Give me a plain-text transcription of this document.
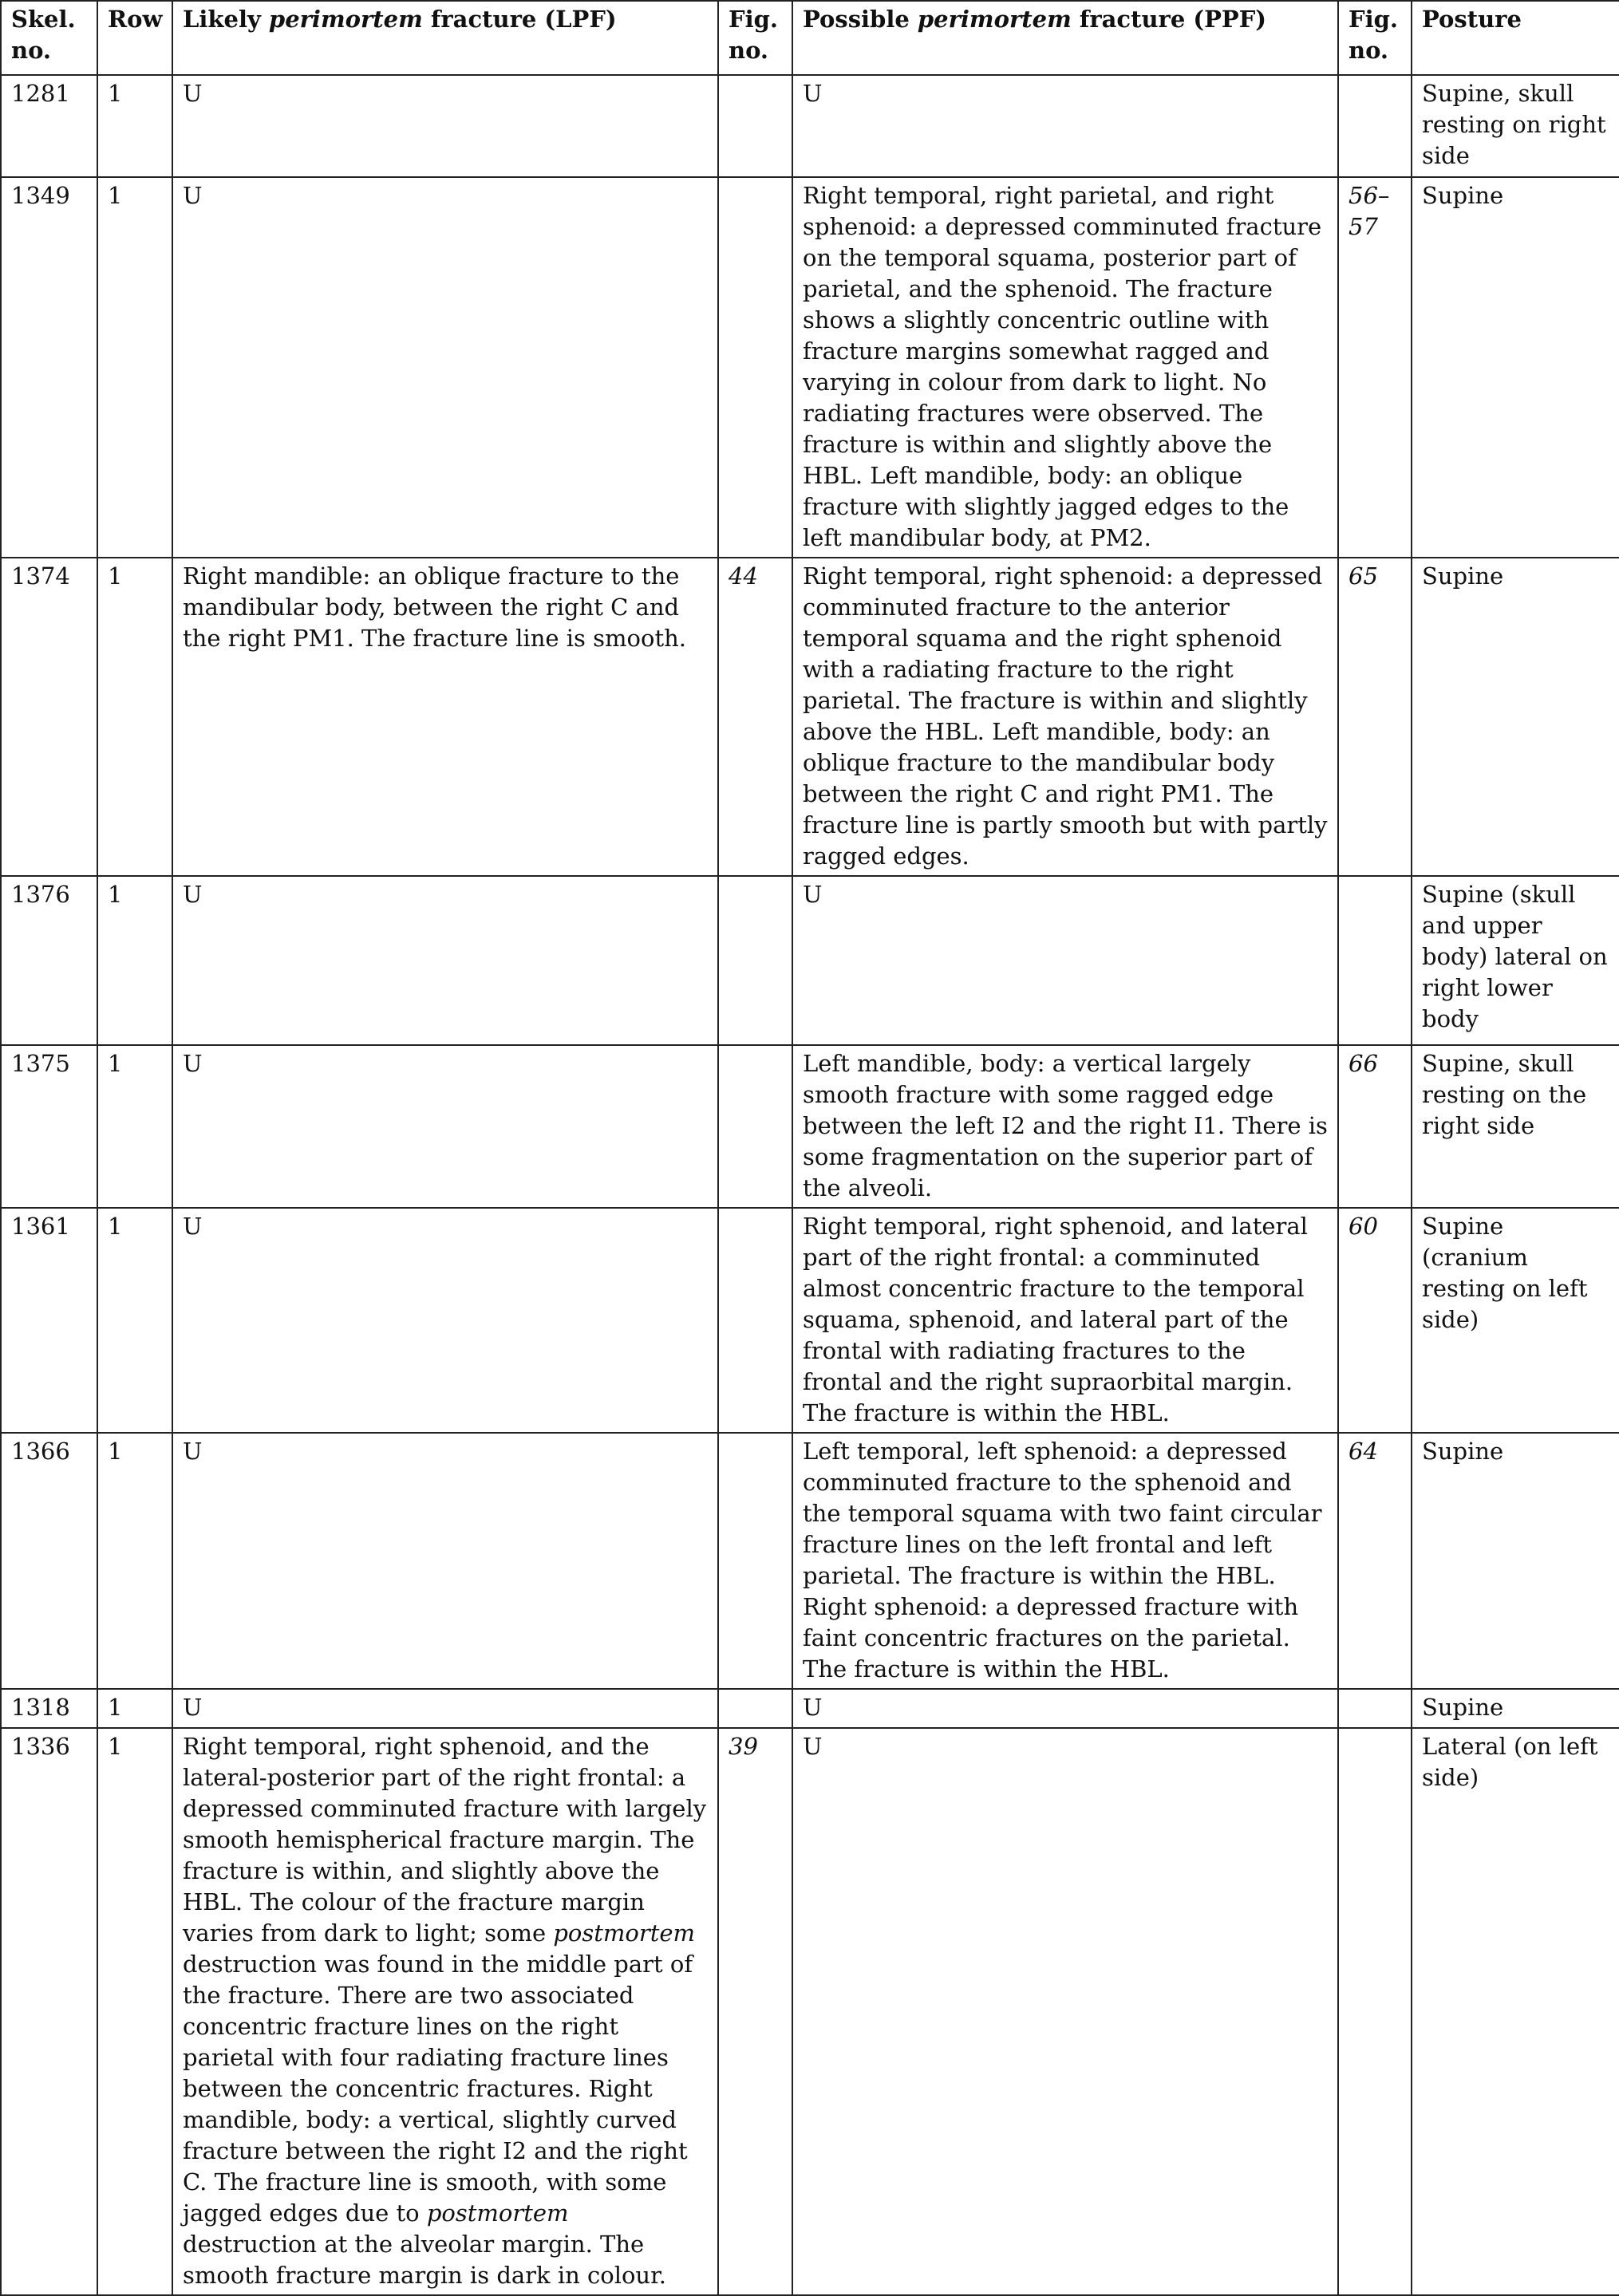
Skel. no.	Row	Likely perimortem fracture (LPF)	Fig. no.	Possible perimortem fracture (PPF)	Fig. no.	Posture
1281	1	U		U		Supine, skull resting on right side
1349	1	U		Right temporal, right parietal, and right sphenoid: a depressed comminuted fracture on the temporal squama, posterior part of parietal, and the sphenoid. The fracture shows a slightly concentric outline with fracture margins somewhat ragged and varying in colour from dark to light. No radiating fractures were observed. The fracture is within and slightly above the HBL. Left mandible, body: an oblique fracture with slightly jagged edges to the left mandibular body, at PM2.	56–57	Supine
1374	1	Right mandible: an oblique fracture to the mandibular body, between the right C and the right PM1. The fracture line is smooth.	44	Right temporal, right sphenoid: a depressed comminuted fracture to the anterior temporal squama and the right sphenoid with a radiating fracture to the right parietal. The fracture is within and slightly above the HBL. Left mandible, body: an oblique fracture to the mandibular body between the right C and right PM1. The fracture line is partly smooth but with partly ragged edges.	65	Supine
1376	1	U		U		Supine (skull and upper body) lateral on right lower body
1375	1	U		Left mandible, body: a vertical largely smooth fracture with some ragged edge between the left I2 and the right I1. There is some fragmentation on the superior part of the alveoli.	66	Supine, skull resting on the right side
1361	1	U		Right temporal, right sphenoid, and lateral part of the right frontal: a comminuted almost concentric fracture to the temporal squama, sphenoid, and lateral part of the frontal with radiating fractures to the frontal and the right supraorbital margin. The fracture is within the HBL.	60	Supine (cranium resting on left side)
1366	1	U		Left temporal, left sphenoid: a depressed comminuted fracture to the sphenoid and the temporal squama with two faint circular fracture lines on the left frontal and left parietal. The fracture is within the HBL. Right sphenoid: a depressed fracture with faint concentric fractures on the parietal. The fracture is within the HBL.	64	Supine
1318	1	U		U		Supine
1336	1	Right temporal, right sphenoid, and the lateral-posterior part of the right frontal: a depressed comminuted fracture with largely smooth hemispherical fracture margin. The fracture is within, and slightly above the HBL. The colour of the fracture margin varies from dark to light; some postmortem destruction was found in the middle part of the fracture. There are two associated concentric fracture lines on the right parietal with four radiating fracture lines between the concentric fractures. Right mandible, body: a vertical, slightly curved fracture between the right I2 and the right C. The fracture line is smooth, with some jagged edges due to postmortem destruction at the alveolar margin. The smooth fracture margin is dark in colour.	39	U		Lateral (on left side)
